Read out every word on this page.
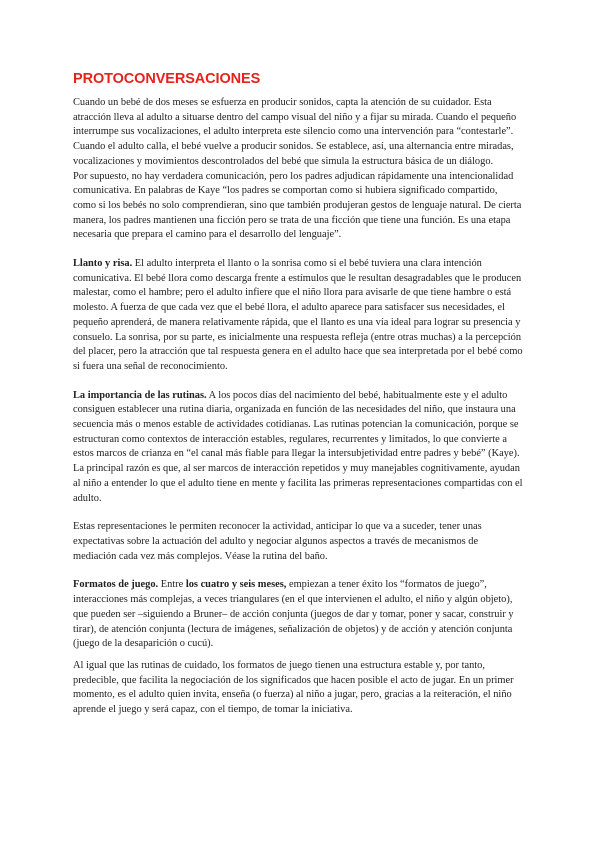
PROTOCONVERSACIONES

Cuando un bebé de dos meses se esfuerza en producir sonidos, capta la atención de su cuidador. Esta atracción lleva al adulto a situarse dentro del campo visual del niño y a fijar su mirada. Cuando el pequeño interrumpe sus vocalizaciones, el adulto interpreta este silencio como una intervención para “contestarle”. Cuando el adulto calla, el bebé vuelve a producir sonidos. Se establece, así, una alternancia entre miradas, vocalizaciones y movimientos descontrolados del bebé que simula la estructura básica de un diálogo.

Por supuesto, no hay verdadera comunicación, pero los padres adjudican rápidamente una intencionalidad comunicativa. En palabras de Kaye “los padres se comportan como si hubiera significado compartido, como si los bebés no solo comprendieran, sino que también produjeran gestos de lenguaje natural. De cierta manera, los padres mantienen una ficción pero se trata de una ficción que tiene una función. Es una etapa necesaria que prepara el camino para el desarrollo del lenguaje”.

Llanto y risa. El adulto interpreta el llanto o la sonrisa como si el bebé tuviera una clara intención comunicativa. El bebé llora como descarga frente a estímulos que le resultan desagradables que le producen malestar, como el hambre; pero el adulto infiere que el niño llora para avisarle de que tiene hambre o está molesto. A fuerza de que cada vez que el bebé llora, el adulto aparece para satisfacer sus necesidades, el pequeño aprenderá, de manera relativamente rápida, que el llanto es una vía ideal para lograr su presencia y consuelo. La sonrisa, por su parte, es inicialmente una respuesta refleja (entre otras muchas) a la percepción del placer, pero la atracción que tal respuesta genera en el adulto hace que sea interpretada por el bebé como si fuera una señal de reconocimiento.

La importancia de las rutinas. A los pocos días del nacimiento del bebé, habitualmente este y el adulto consiguen establecer una rutina diaria, organizada en función de las necesidades del niño, que instaura una secuencia más o menos estable de actividades cotidianas. Las rutinas potencian la comunicación, porque se estructuran como contextos de interacción estables, regulares, recurrentes y limitados, lo que convierte a estos marcos de crianza en “el canal más fiable para llegar la intersubjetividad entre padres y bebé” (Kaye). La principal razón es que, al ser marcos de interacción repetidos y muy manejables cognitivamente, ayudan al niño a entender lo que el adulto tiene en mente y facilita las primeras representaciones compartidas con el adulto.

Estas representaciones le permiten reconocer la actividad, anticipar lo que va a suceder, tener unas expectativas sobre la actuación del adulto y negociar algunos aspectos a través de mecanismos de mediación cada vez más complejos. Véase la rutina del baño.

Formatos de juego. Entre los cuatro y seis meses, empiezan a tener éxito los “formatos de juego”, interacciones más complejas, a veces triangulares (en el que intervienen el adulto, el niño y algún objeto), que pueden ser –siguiendo a Bruner– de acción conjunta (juegos de dar y tomar, poner y sacar, construir y tirar), de atención conjunta (lectura de imágenes, señalización de objetos) y de acción y atención conjunta (juego de la desaparición o cucú).

Al igual que las rutinas de cuidado, los formatos de juego tienen una estructura estable y, por tanto, predecible, que facilita la negociación de los significados que hacen posible el acto de jugar. En un primer momento, es el adulto quien invita, enseña (o fuerza) al niño a jugar, pero, gracias a la reiteración, el niño aprende el juego y será capaz, con el tiempo, de tomar la iniciativa.
